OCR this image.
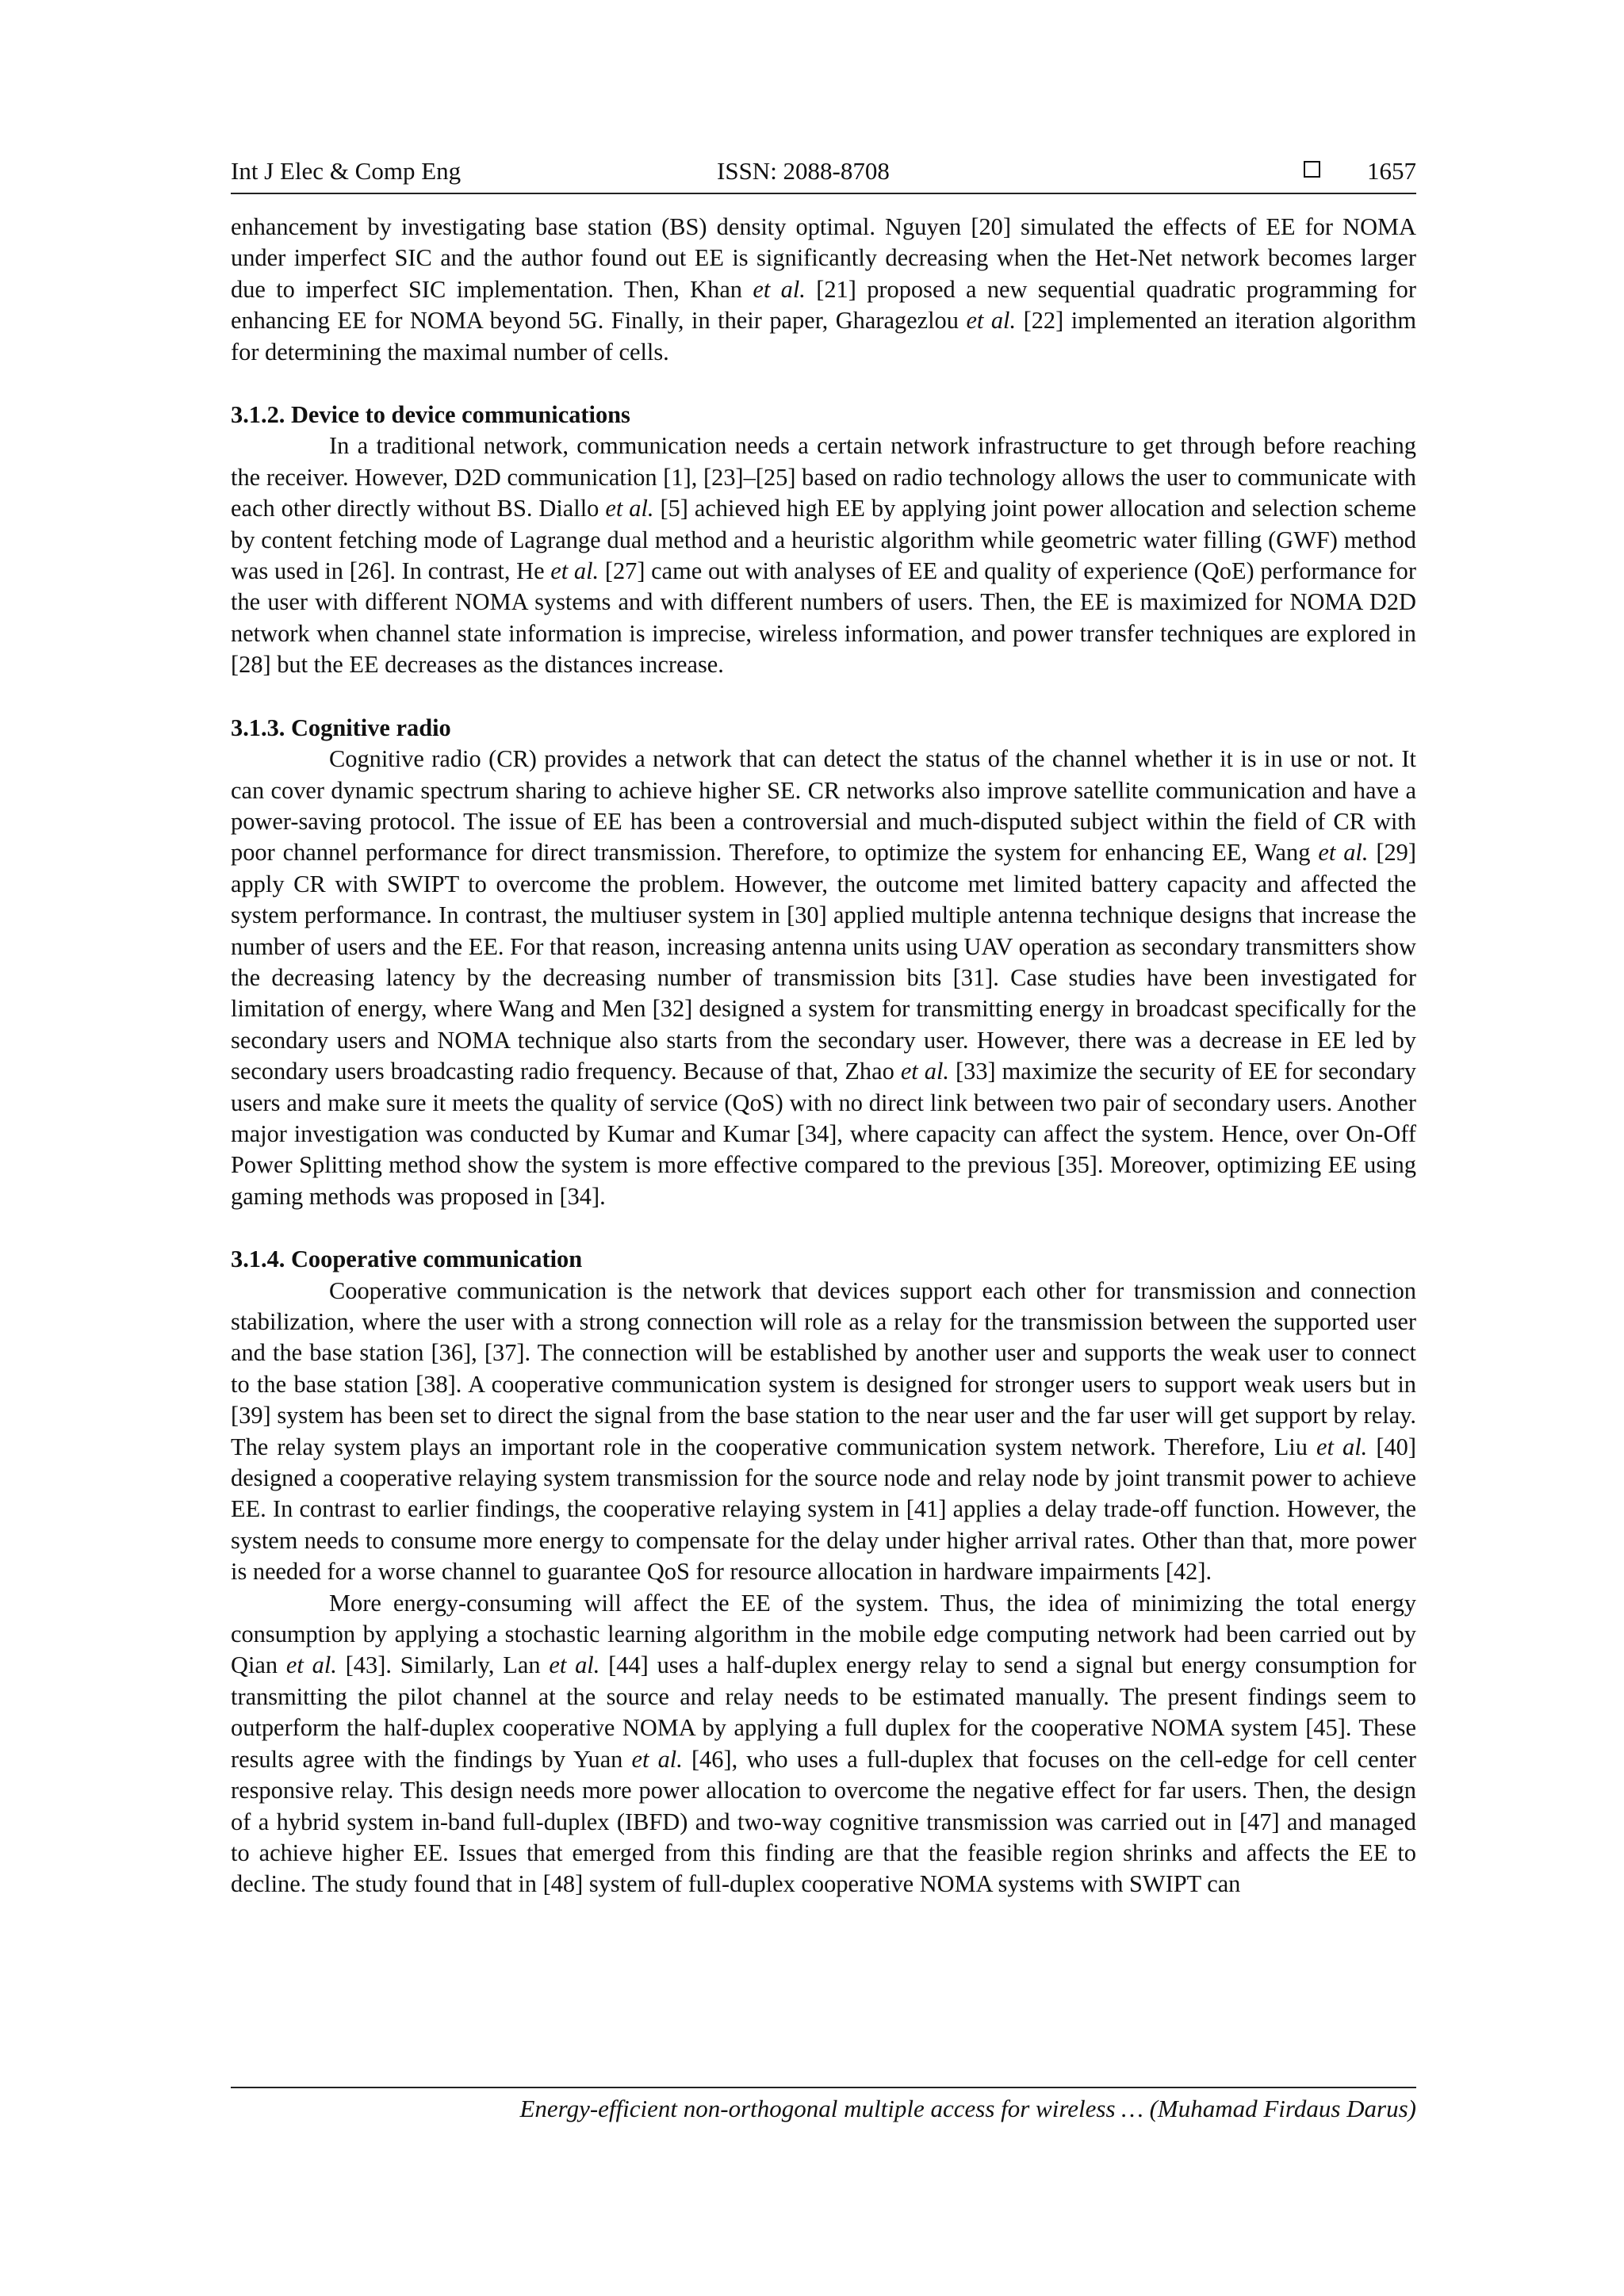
Int J Elec & Comp Eng	ISSN: 2088-8708	1657

enhancement by investigating base station (BS) density optimal. Nguyen [20] simulated the effects of EE for NOMA under imperfect SIC and the author found out EE is significantly decreasing when the Het-Net network becomes larger due to imperfect SIC implementation. Then, Khan et al. [21] proposed a new sequential quadratic programming for enhancing EE for NOMA beyond 5G. Finally, in their paper, Gharagezlou et al. [22] implemented an iteration algorithm for determining the maximal number of cells.

3.1.2. Device to device communications

In a traditional network, communication needs a certain network infrastructure to get through before reaching the receiver. However, D2D communication [1], [23]–[25] based on radio technology allows the user to communicate with each other directly without BS. Diallo et al. [5] achieved high EE by applying joint power allocation and selection scheme by content fetching mode of Lagrange dual method and a heuristic algorithm while geometric water filling (GWF) method was used in [26]. In contrast, He et al. [27] came out with analyses of EE and quality of experience (QoE) performance for the user with different NOMA systems and with different numbers of users. Then, the EE is maximized for NOMA D2D network when channel state information is imprecise, wireless information, and power transfer techniques are explored in [28] but the EE decreases as the distances increase.

3.1.3. Cognitive radio

Cognitive radio (CR) provides a network that can detect the status of the channel whether it is in use or not. It can cover dynamic spectrum sharing to achieve higher SE. CR networks also improve satellite communication and have a power-saving protocol. The issue of EE has been a controversial and much-disputed subject within the field of CR with poor channel performance for direct transmission. Therefore, to optimize the system for enhancing EE, Wang et al. [29] apply CR with SWIPT to overcome the problem. However, the outcome met limited battery capacity and affected the system performance. In contrast, the multiuser system in [30] applied multiple antenna technique designs that increase the number of users and the EE. For that reason, increasing antenna units using UAV operation as secondary transmitters show the decreasing latency by the decreasing number of transmission bits [31]. Case studies have been investigated for limitation of energy, where Wang and Men [32] designed a system for transmitting energy in broadcast specifically for the secondary users and NOMA technique also starts from the secondary user. However, there was a decrease in EE led by secondary users broadcasting radio frequency. Because of that, Zhao et al. [33] maximize the security of EE for secondary users and make sure it meets the quality of service (QoS) with no direct link between two pair of secondary users. Another major investigation was conducted by Kumar and Kumar [34], where capacity can affect the system. Hence, over On-Off Power Splitting method show the system is more effective compared to the previous [35]. Moreover, optimizing EE using gaming methods was proposed in [34].

3.1.4. Cooperative communication

Cooperative communication is the network that devices support each other for transmission and connection stabilization, where the user with a strong connection will role as a relay for the transmission between the supported user and the base station [36], [37]. The connection will be established by another user and supports the weak user to connect to the base station [38]. A cooperative communication system is designed for stronger users to support weak users but in [39] system has been set to direct the signal from the base station to the near user and the far user will get support by relay. The relay system plays an important role in the cooperative communication system network. Therefore, Liu et al. [40] designed a cooperative relaying system transmission for the source node and relay node by joint transmit power to achieve EE. In contrast to earlier findings, the cooperative relaying system in [41] applies a delay trade-off function. However, the system needs to consume more energy to compensate for the delay under higher arrival rates. Other than that, more power is needed for a worse channel to guarantee QoS for resource allocation in hardware impairments [42].

More energy-consuming will affect the EE of the system. Thus, the idea of minimizing the total energy consumption by applying a stochastic learning algorithm in the mobile edge computing network had been carried out by Qian et al. [43]. Similarly, Lan et al. [44] uses a half-duplex energy relay to send a signal but energy consumption for transmitting the pilot channel at the source and relay needs to be estimated manually. The present findings seem to outperform the half-duplex cooperative NOMA by applying a full duplex for the cooperative NOMA system [45]. These results agree with the findings by Yuan et al. [46], who uses a full-duplex that focuses on the cell-edge for cell center responsive relay. This design needs more power allocation to overcome the negative effect for far users. Then, the design of a hybrid system in-band full-duplex (IBFD) and two-way cognitive transmission was carried out in [47] and managed to achieve higher EE. Issues that emerged from this finding are that the feasible region shrinks and affects the EE to decline. The study found that in [48] system of full-duplex cooperative NOMA systems with SWIPT can

Energy-efficient non-orthogonal multiple access for wireless … (Muhamad Firdaus Darus)
